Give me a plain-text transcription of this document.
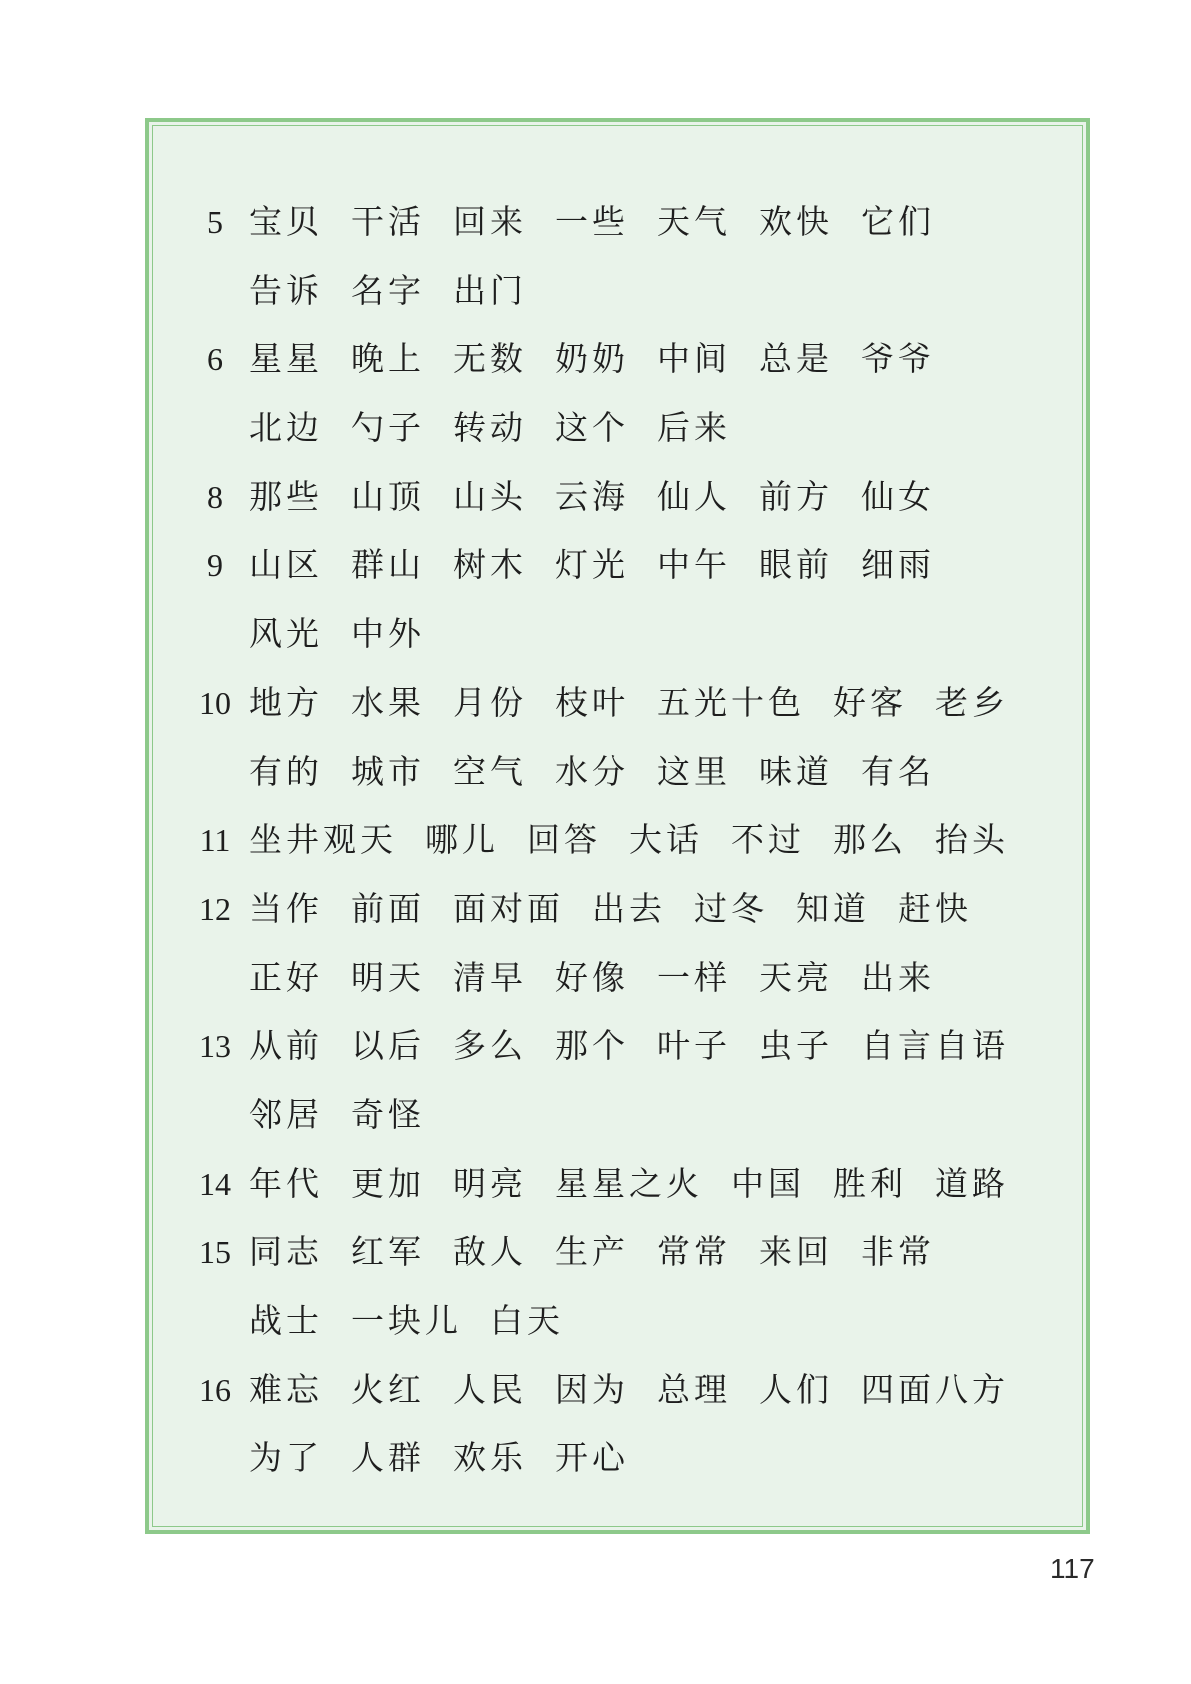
5 宝贝 干活 回来 一些 天气 欢快 它们
告诉 名字 出门
6 星星 晚上 无数 奶奶 中间 总是 爷爷
北边 勺子 转动 这个 后来
8 那些 山顶 山头 云海 仙人 前方 仙女
9 山区 群山 树木 灯光 中午 眼前 细雨
风光 中外
10 地方 水果 月份 枝叶 五光十色 好客 老乡
有的 城市 空气 水分 这里 味道 有名
11 坐井观天 哪儿 回答 大话 不过 那么 抬头
12 当作 前面 面对面 出去 过冬 知道 赶快
正好 明天 清早 好像 一样 天亮 出来
13 从前 以后 多么 那个 叶子 虫子 自言自语
邻居 奇怪
14 年代 更加 明亮 星星之火 中国 胜利 道路
15 同志 红军 敌人 生产 常常 来回 非常
战士 一块儿 白天
16 难忘 火红 人民 因为 总理 人们 四面八方
为了 人群 欢乐 开心
117
